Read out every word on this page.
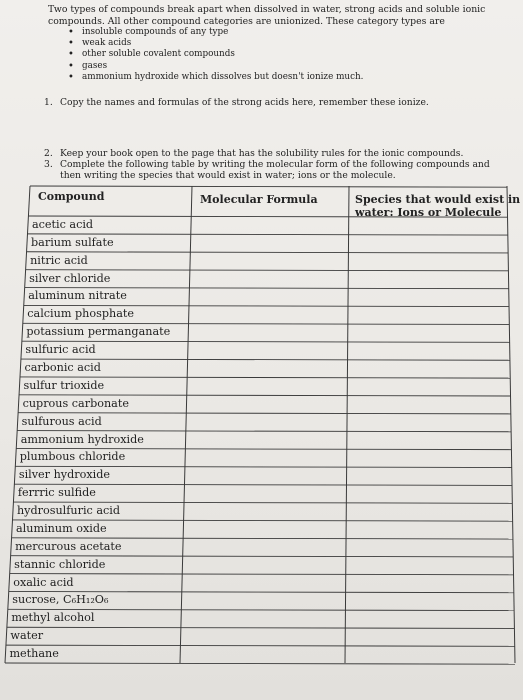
Two types of compounds break apart when dissolved in water, strong acids and soluble ionic
compounds. All other compound categories are unionized. These category types are
• insoluble compounds of any type
• weak acids
• other soluble covalent compounds
• gases
• ammonium hydroxide which dissolves but doesn't ionize much.
1. Copy the names and formulas of the strong acids here, remember these ionize.
2. Keep your book open to the page that has the solubility rules for the ionic compounds.
3. Complete the following table by writing the molecular form of the following compounds and
then writing the species that would exist in water; ions or the molecule.
Compound	Molecular Formula	Species that would exist in
water: Ions or Molecule
acetic acid
barium sulfate
nitric acid
silver chloride
aluminum nitrate
calcium phosphate
potassium permanganate
sulfuric acid
carbonic acid
sulfur trioxide
cuprous carbonate
sulfurous acid
ammonium hydroxide
plumbous chloride
silver hydroxide
ferrric sulfide
hydrosulfuric acid
aluminum oxide
mercurous acetate
stannic chloride
oxalic acid
sucrose, C₆H₁₂O₆
methyl alcohol
water
methane
